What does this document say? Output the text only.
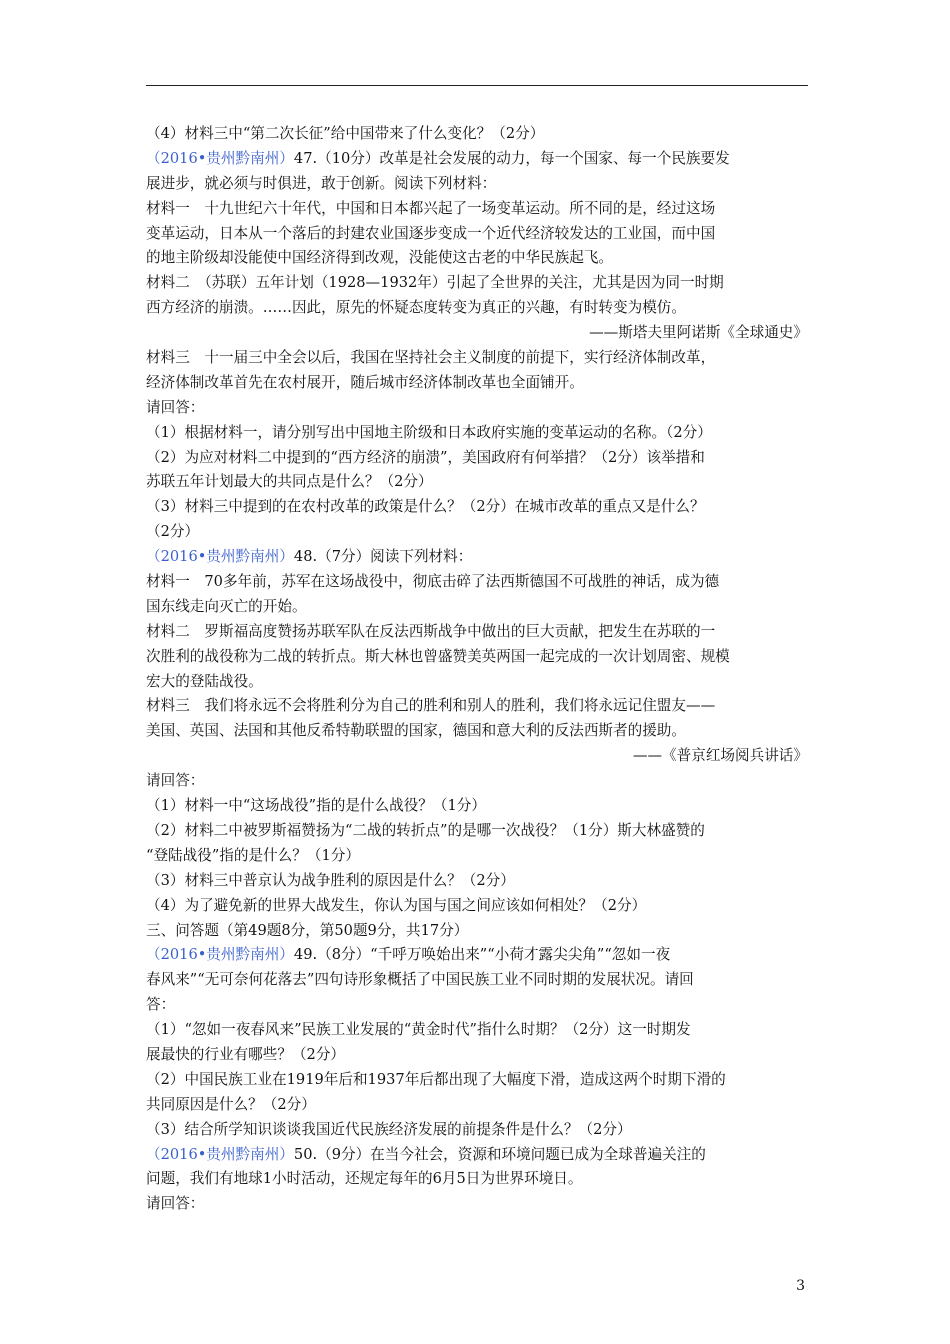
（4）材料三中“第二次长征”给中国带来了什么变化？（2分）
（2016•贵州黔南州）47.（10分）改革是社会发展的动力，每一个国家、每一个民族要发
展进步，就必须与时俱进，敢于创新。阅读下列材料：
材料一　十九世纪六十年代，中国和日本都兴起了一场变革运动。所不同的是，经过这场
变革运动，日本从一个落后的封建农业国逐步变成一个近代经济较发达的工业国，而中国
的地主阶级却没能使中国经济得到改观，没能使这古老的中华民族起飞。
材料二　（苏联）五年计划（1928—1932年）引起了全世界的关注，尤其是因为同一时期
西方经济的崩溃。……因此，原先的怀疑态度转变为真正的兴趣，有时转变为模仿。
——斯塔夫里阿诺斯《全球通史》
材料三　十一届三中全会以后，我国在坚持社会主义制度的前提下，实行经济体制改革，
经济体制改革首先在农村展开，随后城市经济体制改革也全面铺开。
请回答：
（1）根据材料一，请分别写出中国地主阶级和日本政府实施的变革运动的名称。（2分）
（2）为应对材料二中提到的“西方经济的崩溃”，美国政府有何举措？（2分）该举措和
苏联五年计划最大的共同点是什么？（2分）
（3）材料三中提到的在农村改革的政策是什么？（2分）在城市改革的重点又是什么？
（2分）
（2016•贵州黔南州）48.（7分）阅读下列材料：
材料一　70多年前，苏军在这场战役中，彻底击碎了法西斯德国不可战胜的神话，成为德
国东线走向灭亡的开始。
材料二　罗斯福高度赞扬苏联军队在反法西斯战争中做出的巨大贡献，把发生在苏联的一
次胜利的战役称为二战的转折点。斯大林也曾盛赞美英两国一起完成的一次计划周密、规模
宏大的登陆战役。
材料三　我们将永远不会将胜利分为自己的胜利和别人的胜利，我们将永远记住盟友——
美国、英国、法国和其他反希特勒联盟的国家，德国和意大利的反法西斯者的援助。
——《普京红场阅兵讲话》
请回答：
（1）材料一中“这场战役”指的是什么战役？（1分）
（2）材料二中被罗斯福赞扬为“二战的转折点”的是哪一次战役？（1分）斯大林盛赞的
“登陆战役”指的是什么？（1分）
（3）材料三中普京认为战争胜利的原因是什么？（2分）
（4）为了避免新的世界大战发生，你认为国与国之间应该如何相处？（2分）
三、问答题（第49题8分，第50题9分，共17分）
（2016•贵州黔南州）49.（8分）“千呼万唤始出来”“小荷才露尖尖角”“忽如一夜
春风来”“无可奈何花落去”四句诗形象概括了中国民族工业不同时期的发展状况。请回
答：
（1）“忽如一夜春风来”民族工业发展的“黄金时代”指什么时期？（2分）这一时期发
展最快的行业有哪些？（2分）
（2）中国民族工业在1919年后和1937年后都出现了大幅度下滑，造成这两个时期下滑的
共同原因是什么？（2分）
（3）结合所学知识谈谈我国近代民族经济发展的前提条件是什么？（2分）
（2016•贵州黔南州）50.（9分）在当今社会，资源和环境问题已成为全球普遍关注的
问题，我们有地球1小时活动，还规定每年的6月5日为世界环境日。
请回答：
3
